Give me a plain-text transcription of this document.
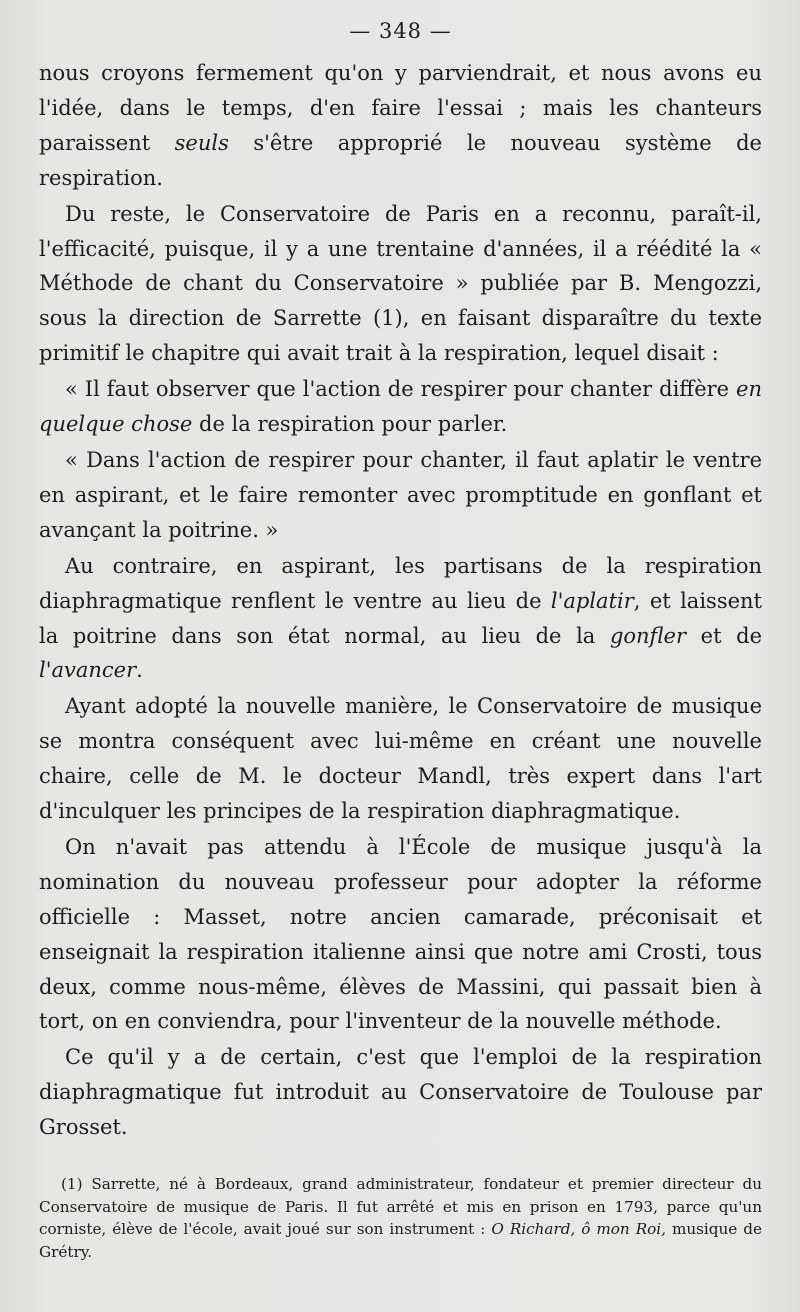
— 348 —

nous croyons fermement qu'on y parviendrait, et nous avons eu l'idée, dans le temps, d'en faire l'essai ; mais les chanteurs paraissent seuls s'être approprié le nouveau système de respiration.

Du reste, le Conservatoire de Paris en a reconnu, paraît-il, l'efficacité, puisque, il y a une trentaine d'années, il a réédité la « Méthode de chant du Conservatoire » publiée par B. Mengozzi, sous la direction de Sarrette (1), en faisant disparaître du texte primitif le chapitre qui avait trait à la respiration, lequel disait :

« Il faut observer que l'action de respirer pour chanter diffère en quelque chose de la respiration pour parler.

« Dans l'action de respirer pour chanter, il faut aplatir le ventre en aspirant, et le faire remonter avec promptitude en gonflant et avançant la poitrine. »

Au contraire, en aspirant, les partisans de la respiration diaphragmatique renflent le ventre au lieu de l'aplatir, et laissent la poitrine dans son état normal, au lieu de la gonfler et de l'avancer.

Ayant adopté la nouvelle manière, le Conservatoire de musique se montra conséquent avec lui-même en créant une nouvelle chaire, celle de M. le docteur Mandl, très expert dans l'art d'inculquer les principes de la respiration diaphragmatique.

On n'avait pas attendu à l'École de musique jusqu'à la nomination du nouveau professeur pour adopter la réforme officielle : Masset, notre ancien camarade, préconisait et enseignait la respiration italienne ainsi que notre ami Crosti, tous deux, comme nous-même, élèves de Massini, qui passait bien à tort, on en conviendra, pour l'inventeur de la nouvelle méthode.

Ce qu'il y a de certain, c'est que l'emploi de la respiration diaphragmatique fut introduit au Conservatoire de Toulouse par Grosset.

(1) Sarrette, né à Bordeaux, grand administrateur, fondateur et premier directeur du Conservatoire de musique de Paris. Il fut arrêté et mis en prison en 1793, parce qu'un corniste, élève de l'école, avait joué sur son instrument : O Richard, ô mon Roi, musique de Grétry.
